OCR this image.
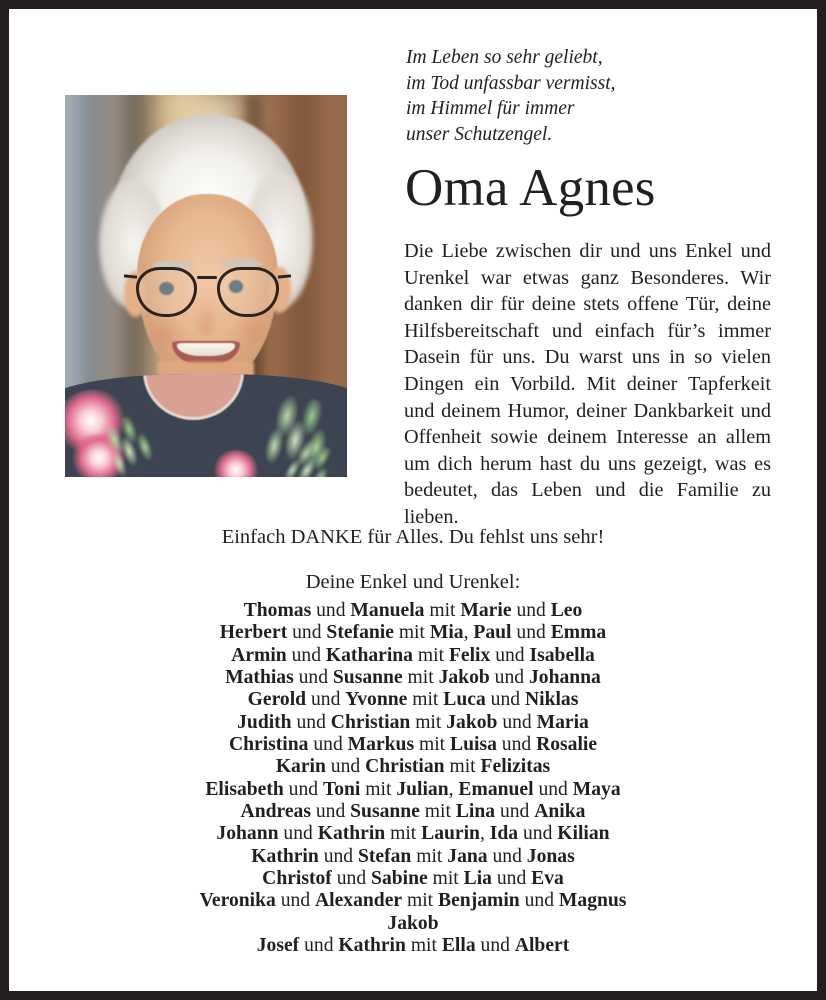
Im Leben so sehr geliebt,
im Tod unfassbar vermisst,
im Himmel für immer
unser Schutzengel.
Oma Agnes
Die Liebe zwischen dir und uns Enkel und Urenkel war etwas ganz Besonderes. Wir danken dir für deine stets offene Tür, deine Hilfsbereitschaft und einfach für’s immer Dasein für uns. Du warst uns in so vielen Dingen ein Vorbild. Mit deiner Tapferkeit und deinem Humor, deiner Dankbarkeit und Offenheit sowie deinem Interesse an allem um dich herum hast du uns gezeigt, was es bedeutet, das Leben und die Familie zu lieben.
Einfach DANKE für Alles. Du fehlst uns sehr!
Deine Enkel und Urenkel:
Thomas und Manuela mit Marie und Leo
Herbert und Stefanie mit Mia, Paul und Emma
Armin und Katharina mit Felix und Isabella
Mathias und Susanne mit Jakob und Johanna
Gerold und Yvonne mit Luca und Niklas
Judith und Christian mit Jakob und Maria
Christina und Markus mit Luisa und Rosalie
Karin und Christian mit Felizitas
Elisabeth und Toni mit Julian, Emanuel und Maya
Andreas und Susanne mit Lina und Anika
Johann und Kathrin mit Laurin, Ida und Kilian
Kathrin und Stefan mit Jana und Jonas
Christof und Sabine mit Lia und Eva
Veronika und Alexander mit Benjamin und Magnus
Jakob
Josef und Kathrin mit Ella und Albert
